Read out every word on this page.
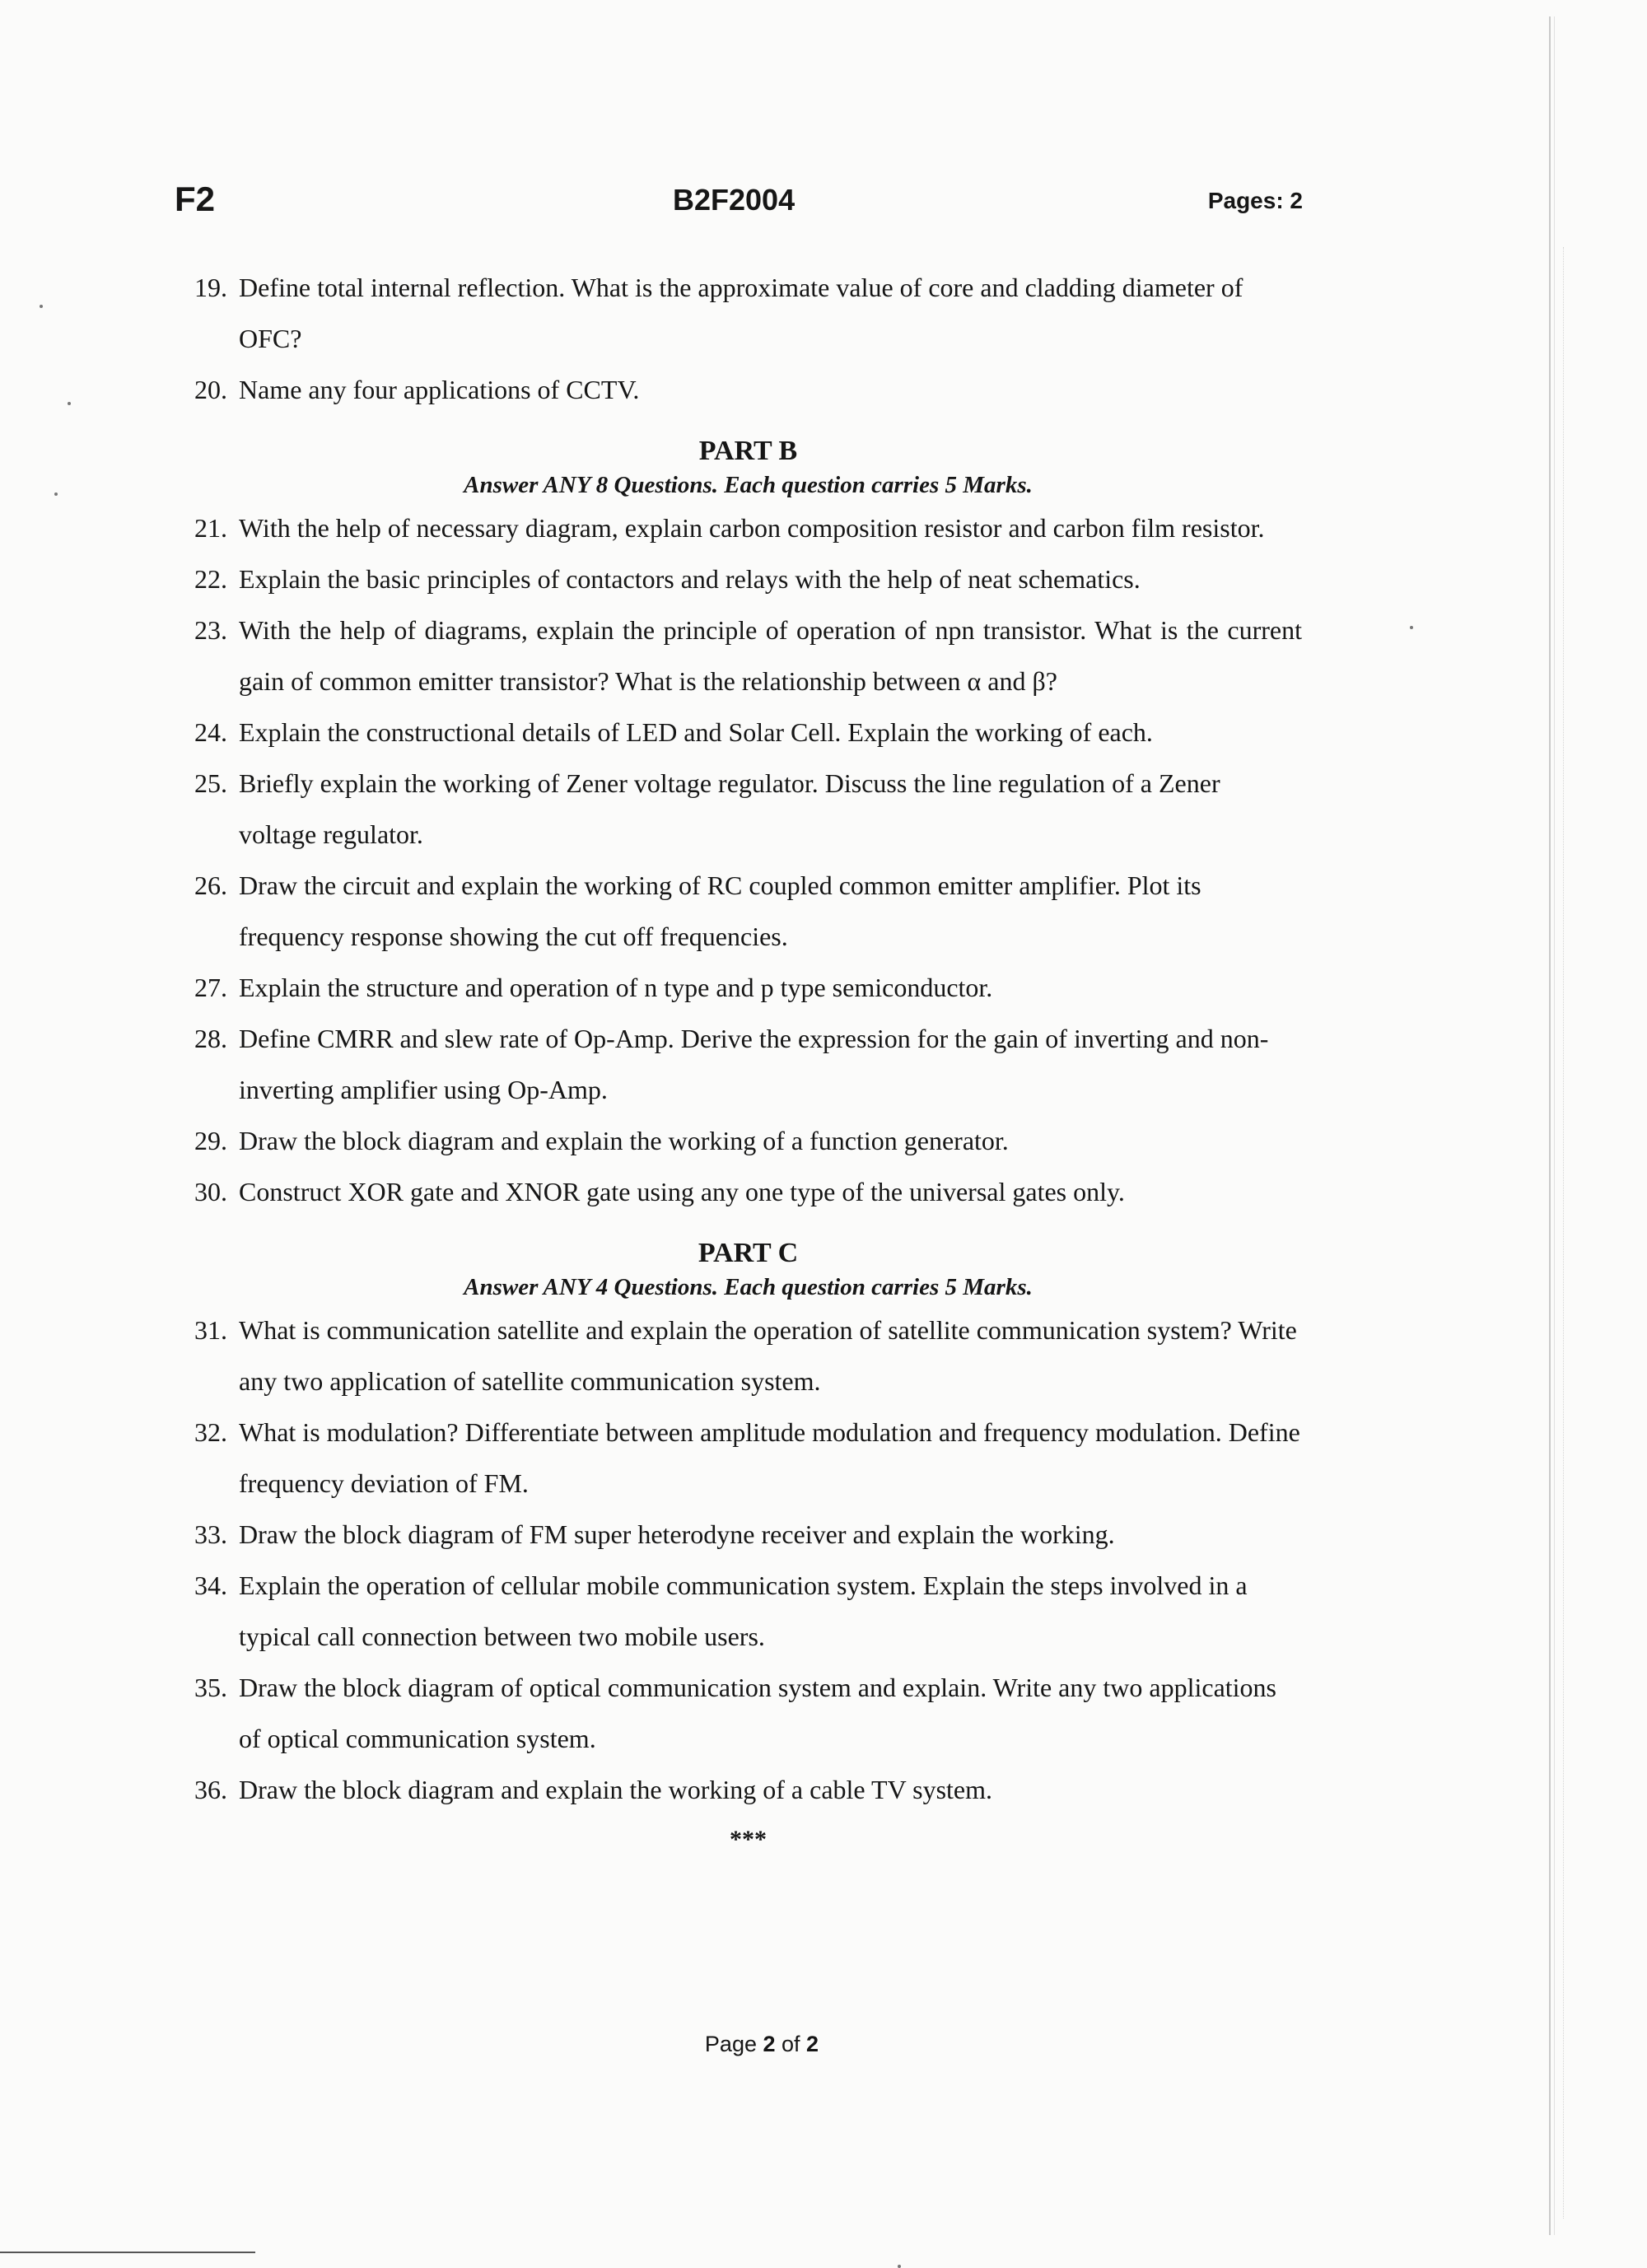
F2	B2F2004	Pages: 2
19. Define total internal reflection. What is the approximate value of core and cladding diameter of OFC?
20. Name any four applications of CCTV.
PART B
Answer ANY 8 Questions. Each question carries 5 Marks.
21. With the help of necessary diagram, explain carbon composition resistor and carbon film resistor.
22. Explain the basic principles of contactors and relays with the help of neat schematics.
23. With the help of diagrams, explain the principle of operation of npn transistor. What is the current gain of common emitter transistor? What is the relationship between α and β?
24. Explain the constructional details of LED and Solar Cell. Explain the working of each.
25. Briefly explain the working of Zener voltage regulator. Discuss the line regulation of a Zener voltage regulator.
26. Draw the circuit and explain the working of RC coupled common emitter amplifier. Plot its frequency response showing the cut off frequencies.
27. Explain the structure and operation of n type and p type semiconductor.
28. Define CMRR and slew rate of Op-Amp. Derive the expression for the gain of inverting and non-inverting amplifier using Op-Amp.
29. Draw the block diagram and explain the working of a function generator.
30. Construct XOR gate and XNOR gate using any one type of the universal gates only.
PART C
Answer ANY 4 Questions. Each question carries 5 Marks.
31. What is communication satellite and explain the operation of satellite communication system? Write any two application of satellite communication system.
32. What is modulation? Differentiate between amplitude modulation and frequency modulation. Define frequency deviation of FM.
33. Draw the block diagram of FM super heterodyne receiver and explain the working.
34. Explain the operation of cellular mobile communication system. Explain the steps involved in a typical call connection between two mobile users.
35. Draw the block diagram of optical communication system and explain. Write any two applications of optical communication system.
36. Draw the block diagram and explain the working of a cable TV system.
***
Page 2 of 2
